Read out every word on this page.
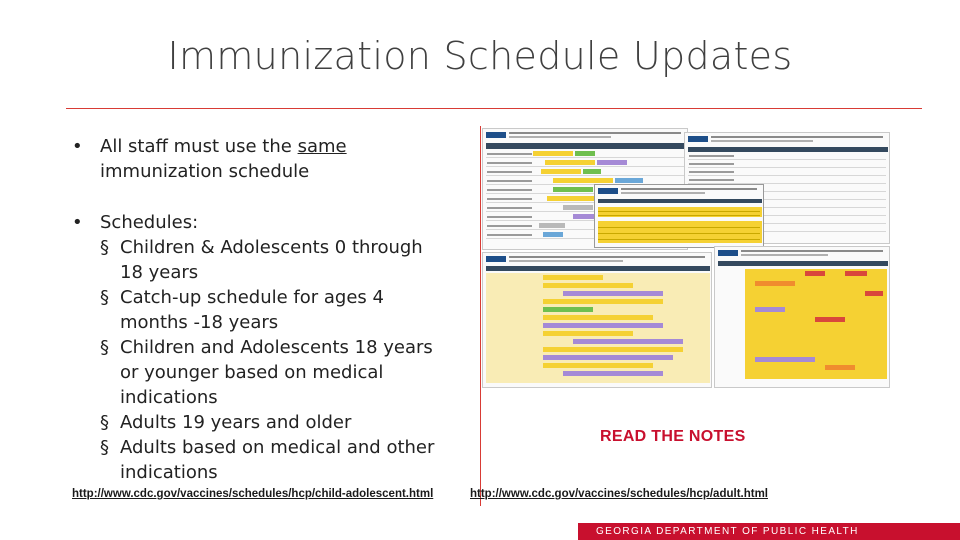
Immunization Schedule Updates
• All staff must use the same immunization schedule
• Schedules:
§ Children & Adolescents 0 through 18 years
§ Catch-up schedule for ages 4 months -18 years
§ Children and Adolescents 18 years or younger based on medical indications
§ Adults 19 years and older
§ Adults based on medical and other indications
READ THE NOTES
http://www.cdc.gov/vaccines/schedules/hcp/child-adolescent.html	http://www.cdc.gov/vaccines/schedules/hcp/adult.html
GEORGIA DEPARTMENT OF PUBLIC HEALTH
